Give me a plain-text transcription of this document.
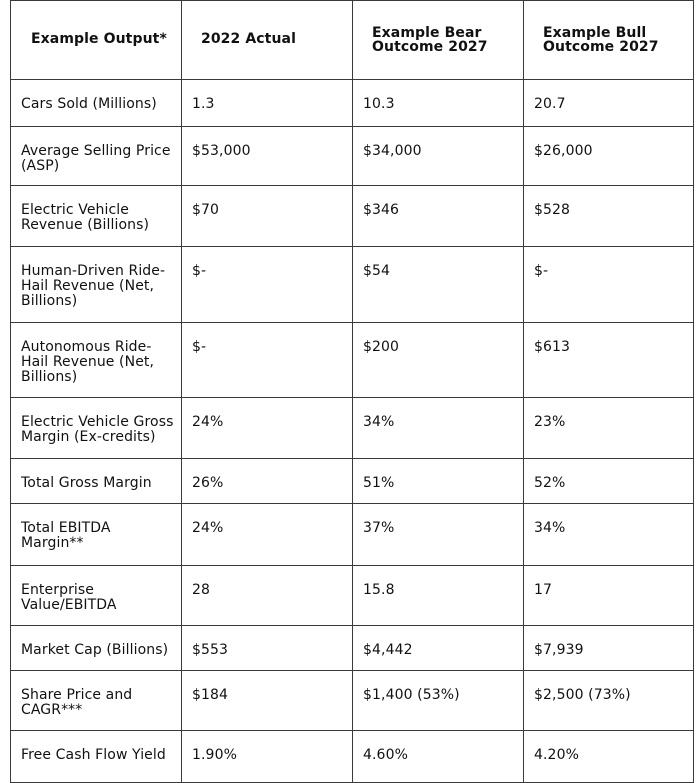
Example Output*	2022 Actual	Example Bear Outcome 2027	Example Bull Outcome 2027
Cars Sold (Millions)	1.3	10.3	20.7
Average Selling Price (ASP)	$53,000	$34,000	$26,000
Electric Vehicle Revenue (Billions)	$70	$346	$528
Human-Driven Ride-Hail Revenue (Net, Billions)	$-	$54	$-
Autonomous Ride-Hail Revenue (Net, Billions)	$-	$200	$613
Electric Vehicle Gross Margin (Ex-credits)	24%	34%	23%
Total Gross Margin	26%	51%	52%
Total EBITDA Margin**	24%	37%	34%
Enterprise Value/EBITDA	28	15.8	17
Market Cap (Billions)	$553	$4,442	$7,939
Share Price and CAGR***	$184	$1,400 (53%)	$2,500 (73%)
Free Cash Flow Yield	1.90%	4.60%	4.20%
